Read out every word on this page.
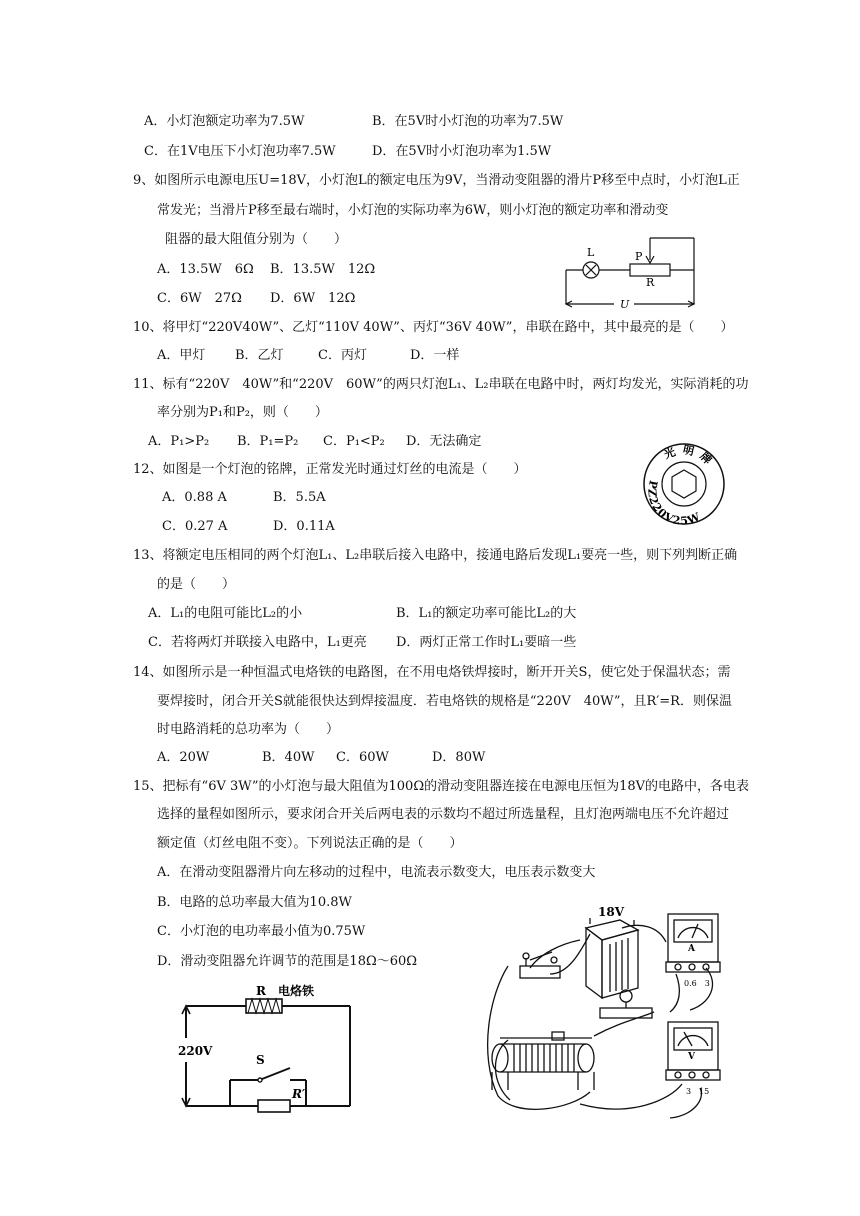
A．小灯泡额定功率为7.5W	B．在5V时小灯泡的功率为7.5W
C．在1V电压下小灯泡功率7.5W	D．在5V时小灯泡功率为1.5W
9、如图所示电源电压U=18V，小灯泡L的额定电压为9V，当滑动变阻器的滑片P移至中点时，小灯泡L正
常发光；当滑片P移至最右端时，小灯泡的实际功率为6W，则小灯泡的额定功率和滑动变
阻器的最大阻值分别为（　　）
A．13.5W　6Ω B．13.5W　12Ω
C．6W　27Ω D．6W　12Ω
L	P
R
U
10、将甲灯“220V40W”、乙灯“110V 40W”、丙灯“36V 40W”，串联在路中，其中最亮的是（　　）
A．甲灯 B．乙灯	C．丙灯	D．一样
11、标有“220V　40W”和“220V　60W”的两只灯泡L₁、L₂串联在电路中时，两灯均发光，实际消耗的功
率分别为P₁和P₂，则（　　）
A．P₁>P₂ B．P₁=P₂ C．P₁<P₂ D．无法确定
12、如图是一个灯泡的铭牌，正常发光时通过灯丝的电流是（　　）
A．0.88 A	B．5.5A
C．0.27 A	D．0.11A
光明牌
PZ220V25W
13、将额定电压相同的两个灯泡L₁、L₂串联后接入电路中，接通电路后发现L₁要亮一些，则下列判断正确
的是（　　）
A．L₁的电阻可能比L₂的小	B．L₁的额定功率可能比L₂的大
C．若将两灯并联接入电路中，L₁更亮 D．两灯正常工作时L₁要暗一些
14、如图所示是一种恒温式电烙铁的电路图，在不用电烙铁焊接时，断开开关S，使它处于保温状态；需
要焊接时，闭合开关S就能很快达到焊接温度．若电烙铁的规格是“220V　40W”，且R′=R．则保温
时电路消耗的总功率为（　　）
A．20W	B．40W C．60W	D．80W
15、把标有“6V 3W”的小灯泡与最大阻值为100Ω的滑动变阻器连接在电源电压恒为18V的电路中，各电表
选择的量程如图所示，要求闭合开关后两电表的示数均不超过所选量程，且灯泡两端电压不允许超过
额定值（灯丝电阻不变）。下列说法正确的是（　　）
A．在滑动变阻器滑片向左移动的过程中，电流表示数变大，电压表示数变大
B．电路的总功率最大值为10.8W
C．小灯泡的电功率最小值为0.75W
D．滑动变阻器允许调节的范围是18Ω～60Ω
R　电烙铁
220V
S
R′
18V
A
0.6　3
V
3　15
